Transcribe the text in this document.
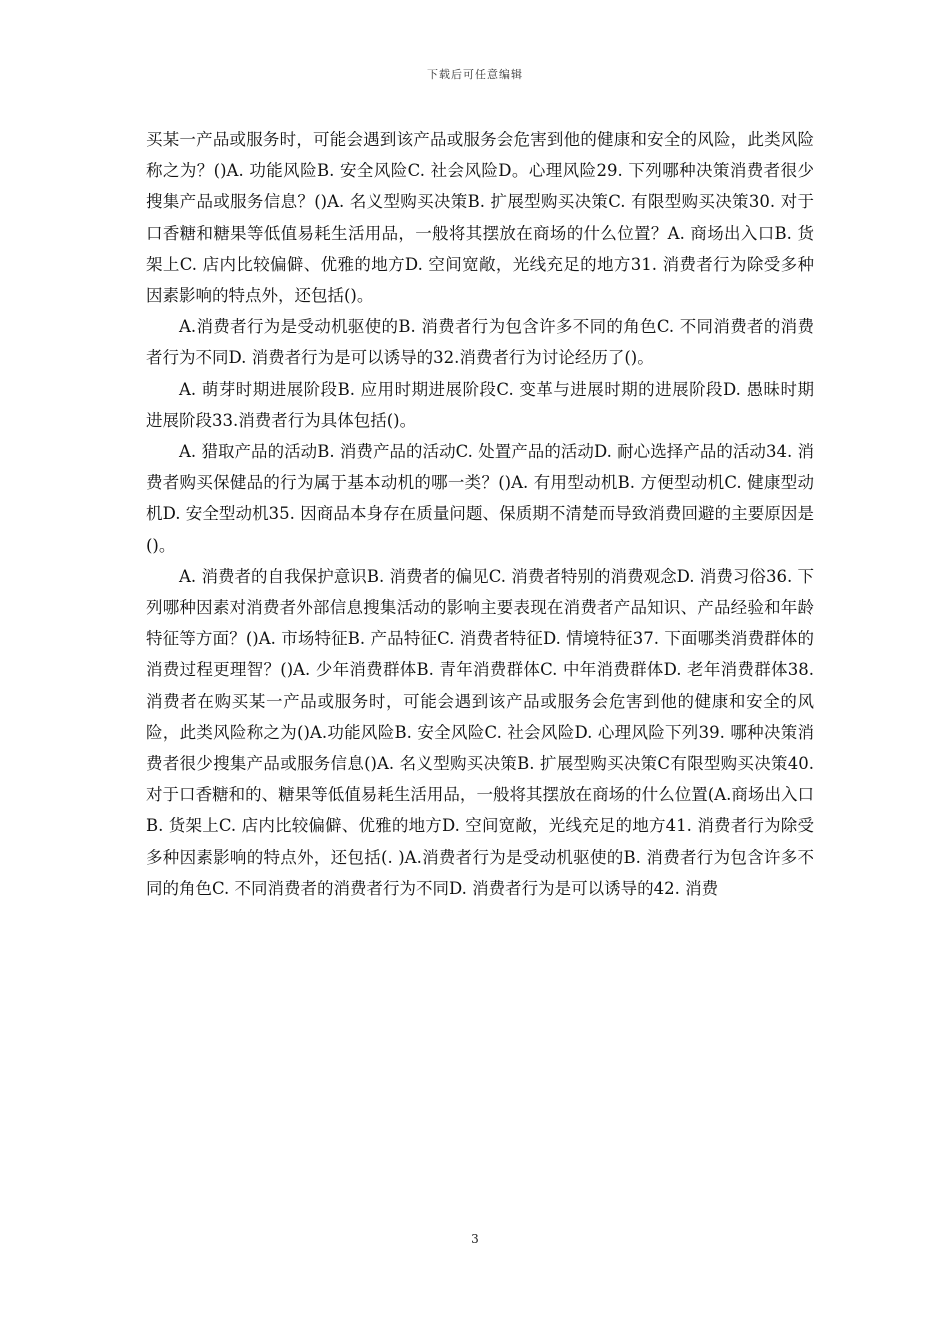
下载后可任意编辑

买某一产品或服务时，可能会遇到该产品或服务会危害到他的健康和安全的风险，此类风险称之为？()A. 功能风险B. 安全风险C. 社会风险D。心理风险29. 下列哪种决策消费者很少搜集产品或服务信息？()A. 名义型购买决策B. 扩展型购买决策C. 有限型购买决策30. 对于口香糖和糖果等低值易耗生活用品，一般将其摆放在商场的什么位置？A. 商场出入口B. 货架上C. 店内比较偏僻、优雅的地方D. 空间宽敞，光线充足的地方31. 消费者行为除受多种因素影响的特点外，还包括()。

A.消费者行为是受动机驱使的B. 消费者行为包含许多不同的角色C. 不同消费者的消费者行为不同D. 消费者行为是可以诱导的32.消费者行为讨论经历了()。

A. 萌芽时期进展阶段B. 应用时期进展阶段C. 变革与进展时期的进展阶段D. 愚昧时期进展阶段33.消费者行为具体包括()。

A. 猎取产品的活动B. 消费产品的活动C. 处置产品的活动D. 耐心选择产品的活动34. 消费者购买保健品的行为属于基本动机的哪一类？()A. 有用型动机B. 方便型动机C. 健康型动机D. 安全型动机35. 因商品本身存在质量问题、保质期不清楚而导致消费回避的主要原因是()。

A. 消费者的自我保护意识B. 消费者的偏见C. 消费者特别的消费观念D. 消费习俗36. 下列哪种因素对消费者外部信息搜集活动的影响主要表现在消费者产品知识、产品经验和年龄特征等方面？()A. 市场特征B. 产品特征C. 消费者特征D. 情境特征37. 下面哪类消费群体的消费过程更理智？()A. 少年消费群体B. 青年消费群体C. 中年消费群体D. 老年消费群体38. 消费者在购买某一产品或服务时，可能会遇到该产品或服务会危害到他的健康和安全的风险，此类风险称之为()A.功能风险B. 安全风险C. 社会风险D. 心理风险下列39. 哪种决策消费者很少搜集产品或服务信息()A. 名义型购买决策B. 扩展型购买决策C有限型购买决策40. 对于口香糖和的、糖果等低值易耗生活用品，一般将其摆放在商场的什么位置(A.商场出入口B. 货架上C. 店内比较偏僻、优雅的地方D. 空间宽敞，光线充足的地方41. 消费者行为除受多种因素影响的特点外，还包括(. )A.消费者行为是受动机驱使的B. 消费者行为包含许多不同的角色C. 不同消费者的消费者行为不同D. 消费者行为是可以诱导的42. 消费

3
